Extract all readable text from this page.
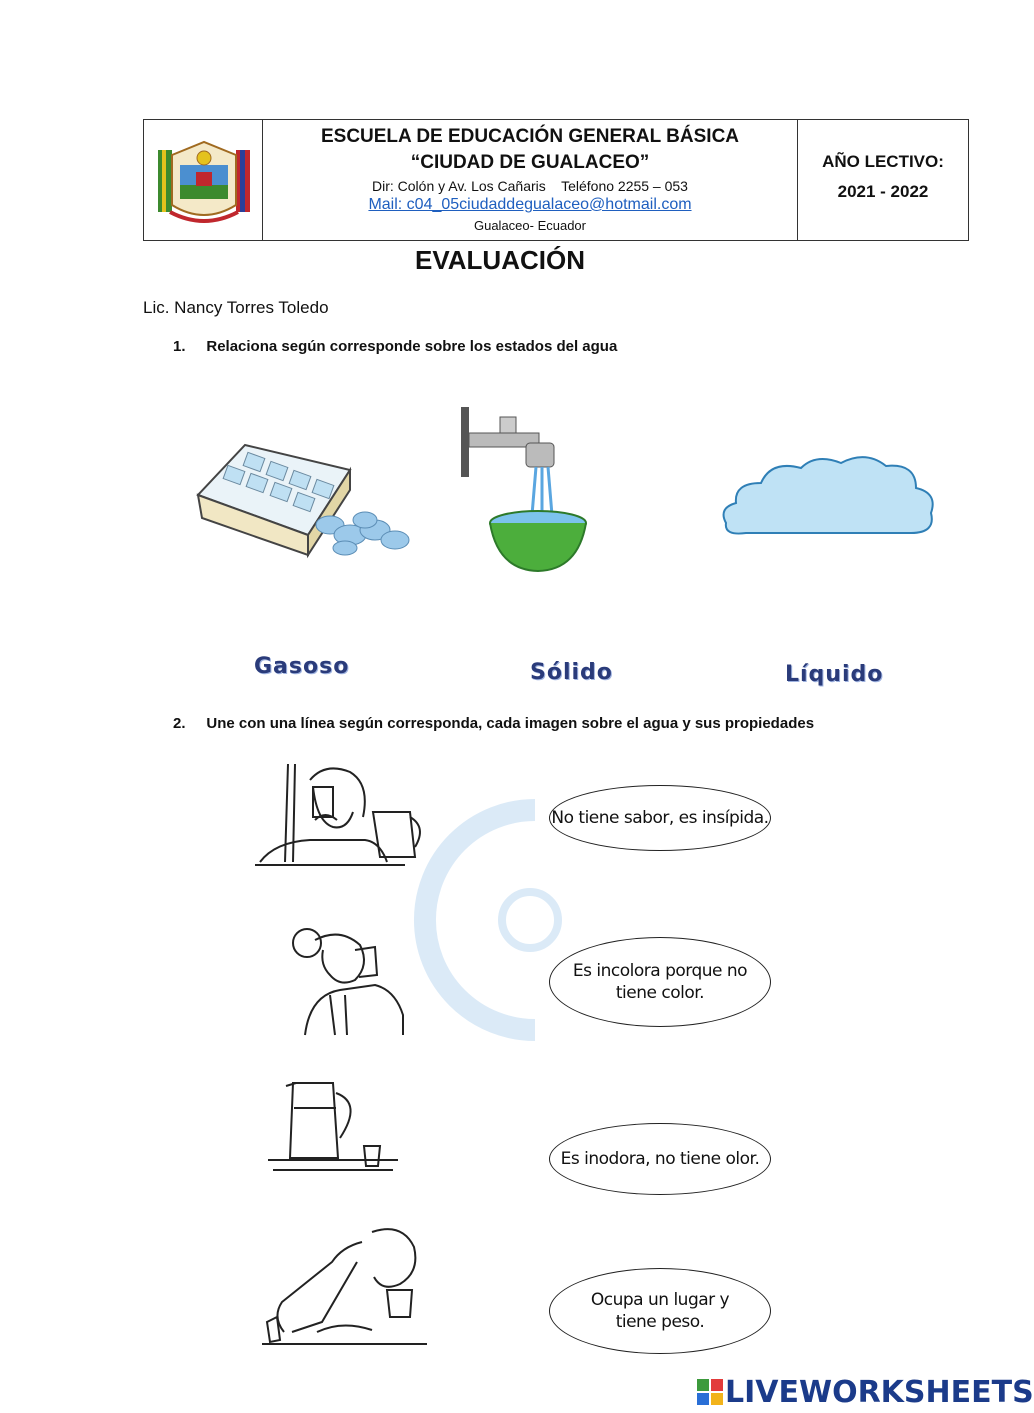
ESCUELA DE EDUCACIÓN GENERAL BÁSICA
“CIUDAD DE GUALACEO”
Dir: Colón y Av. Los Cañaris    Teléfono 2255 – 053
Mail: c04_05ciudaddegualaceo@hotmail.com
Gualaceo- Ecuador
AÑO LECTIVO:
2021 - 2022
EVALUACIÓN
Lic. Nancy Torres Toledo
1. Relaciona según corresponde sobre los estados del agua
Gasoso	Sólido	Líquido
2. Une con una línea según corresponda, cada imagen sobre el agua y sus propiedades
No tiene sabor, es insípida.
Es incolora porque no tiene color.
Es inodora, no tiene olor.
Ocupa un lugar y tiene peso.
LIVEWORKSHEETS
